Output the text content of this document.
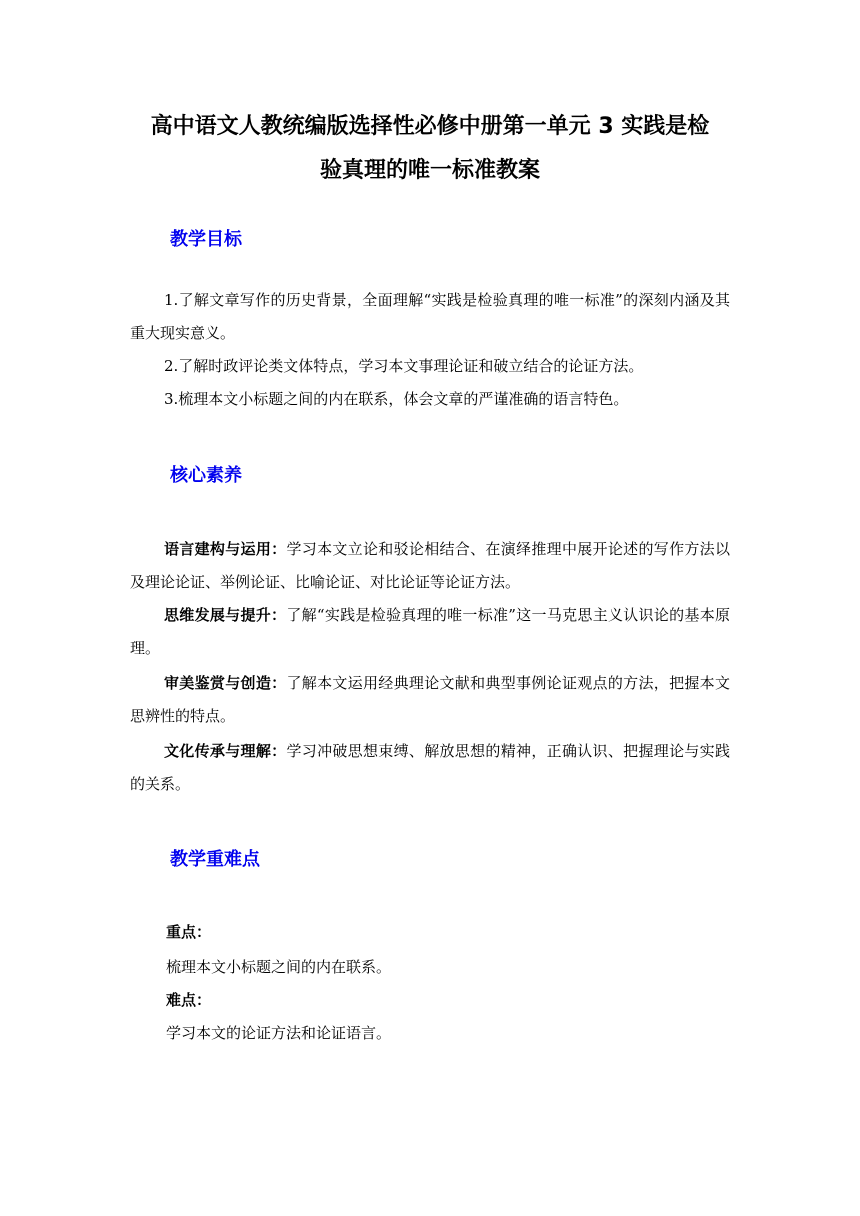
高中语文人教统编版选择性必修中册第一单元 3 实践是检
验真理的唯一标准教案
教学目标

1.了解文章写作的历史背景，全面理解“实践是检验真理的唯一标准”的深刻内涵及其重大现实意义。

2.了解时政评论类文体特点，学习本文事理论证和破立结合的论证方法。

3.梳理本文小标题之间的内在联系，体会文章的严谨准确的语言特色。

核心素养

语言建构与运用：学习本文立论和驳论相结合、在演绎推理中展开论述的写作方法以及理论论证、举例论证、比喻论证、对比论证等论证方法。

思维发展与提升：了解“实践是检验真理的唯一标准”这一马克思主义认识论的基本原理。

审美鉴赏与创造：了解本文运用经典理论文献和典型事例论证观点的方法，把握本文思辨性的特点。

文化传承与理解：学习冲破思想束缚、解放思想的精神，正确认识、把握理论与实践的关系。

教学重难点

重点：

梳理本文小标题之间的内在联系。

难点：

学习本文的论证方法和论证语言。
